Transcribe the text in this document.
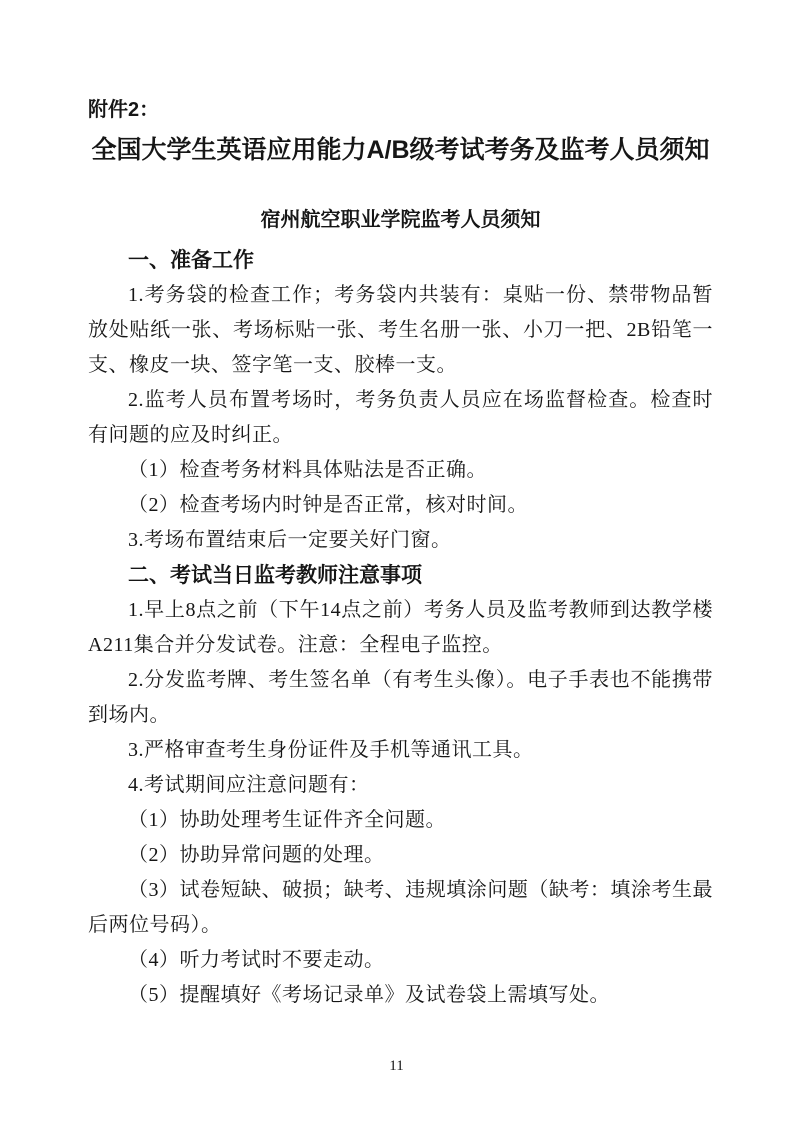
附件2：
全国大学生英语应用能力A/B级考试考务及监考人员须知
宿州航空职业学院监考人员须知
一、准备工作

1.考务袋的检查工作；考务袋内共装有：桌贴一份、禁带物品暂放处贴纸一张、考场标贴一张、考生名册一张、小刀一把、2B铅笔一支、橡皮一块、签字笔一支、胶棒一支。

2.监考人员布置考场时，考务负责人员应在场监督检查。检查时有问题的应及时纠正。

（1）检查考务材料具体贴法是否正确。

（2）检查考场内时钟是否正常，核对时间。

3.考场布置结束后一定要关好门窗。

二、考试当日监考教师注意事项

1.早上8点之前（下午14点之前）考务人员及监考教师到达教学楼A211集合并分发试卷。注意：全程电子监控。

2.分发监考牌、考生签名单（有考生头像）。电子手表也不能携带到场内。

3.严格审查考生身份证件及手机等通讯工具。

4.考试期间应注意问题有：

（1）协助处理考生证件齐全问题。

（2）协助异常问题的处理。

（3）试卷短缺、破损；缺考、违规填涂问题（缺考：填涂考生最后两位号码）。

（4）听力考试时不要走动。

（5）提醒填好《考场记录单》及试卷袋上需填写处。

11
